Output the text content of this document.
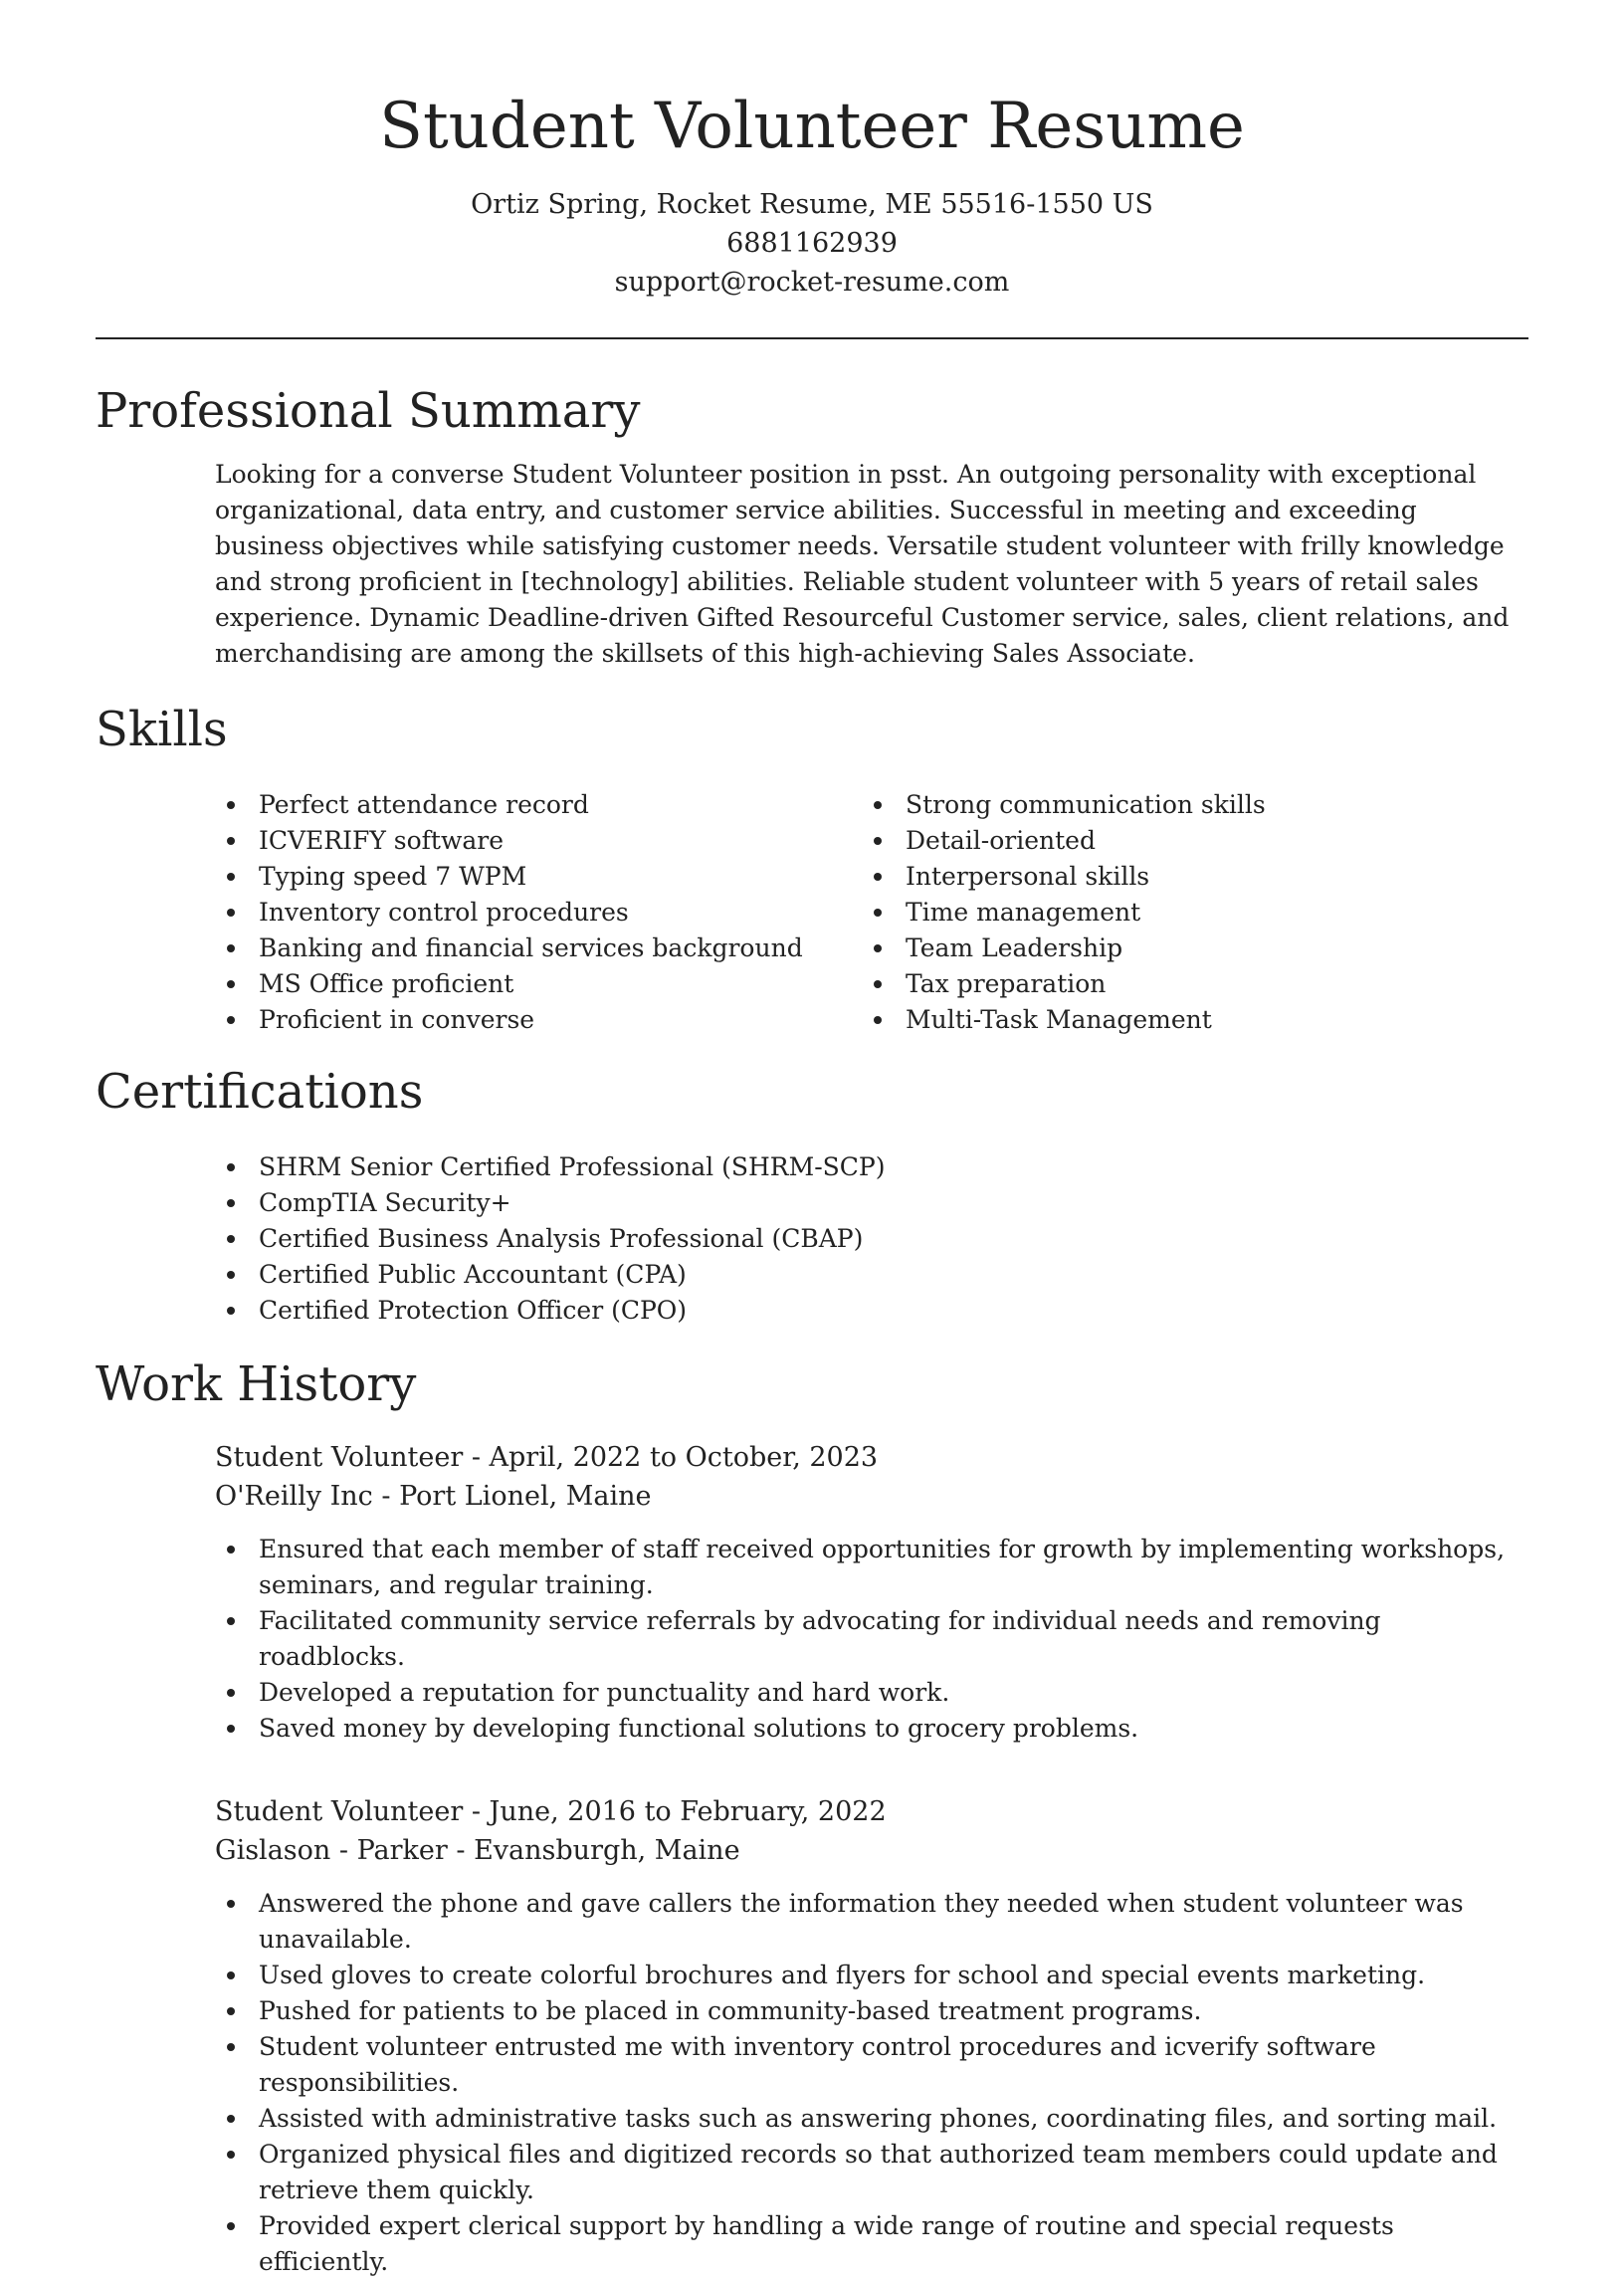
Student Volunteer Resume
Ortiz Spring, Rocket Resume, ME 55516-1550 US
6881162939
support@rocket-resume.com
Professional Summary

Looking for a converse Student Volunteer position in psst. An outgoing personality with exceptional organizational, data entry, and customer service abilities. Successful in meeting and exceeding business objectives while satisfying customer needs. Versatile student volunteer with frilly knowledge and strong proficient in [technology] abilities. Reliable student volunteer with 5 years of retail sales experience. Dynamic Deadline-driven Gifted Resourceful Customer service, sales, client relations, and merchandising are among the skillsets of this high-achieving Sales Associate.

Skills
Perfect attendance record
ICVERIFY software
Typing speed 7 WPM
Inventory control procedures
Banking and financial services background
MS Office proficient
Proficient in converse
Strong communication skills
Detail-oriented
Interpersonal skills
Time management
Team Leadership
Tax preparation
Multi-Task Management
Certifications
SHRM Senior Certified Professional (SHRM-SCP)
CompTIA Security+
Certified Business Analysis Professional (CBAP)
Certified Public Accountant (CPA)
Certified Protection Officer (CPO)
Work History
Student Volunteer - April, 2022 to October, 2023
O'Reilly Inc - Port Lionel, Maine
Ensured that each member of staff received opportunities for growth by implementing workshops, seminars, and regular training.
Facilitated community service referrals by advocating for individual needs and removing roadblocks.
Developed a reputation for punctuality and hard work.
Saved money by developing functional solutions to grocery problems.
Student Volunteer - June, 2016 to February, 2022
Gislason - Parker - Evansburgh, Maine
Answered the phone and gave callers the information they needed when student volunteer was unavailable.
Used gloves to create colorful brochures and flyers for school and special events marketing.
Pushed for patients to be placed in community-based treatment programs.
Student volunteer entrusted me with inventory control procedures and icverify software responsibilities.
Assisted with administrative tasks such as answering phones, coordinating files, and sorting mail.
Organized physical files and digitized records so that authorized team members could update and retrieve them quickly.
Provided expert clerical support by handling a wide range of routine and special requests efficiently.
